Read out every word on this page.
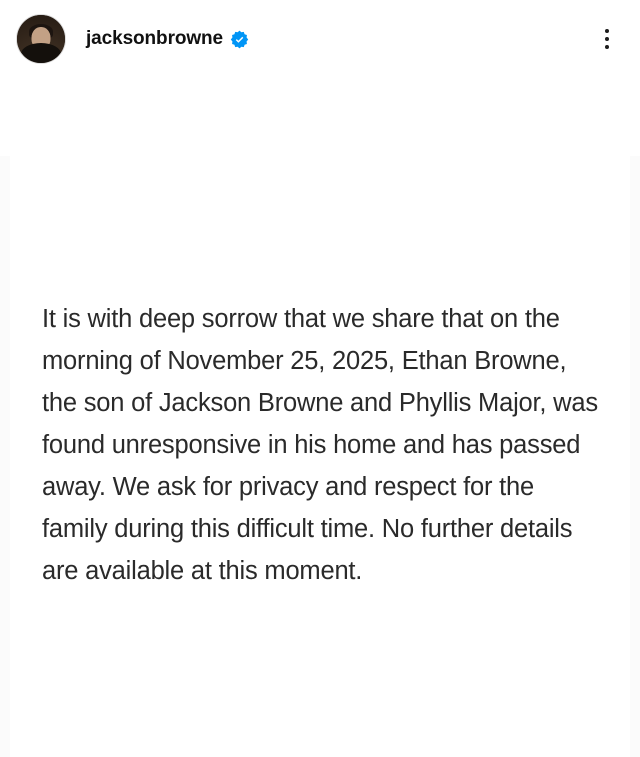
jacksonbrowne
It is with deep sorrow that we share that on the morning of November 25, 2025, Ethan Browne, the son of Jackson Browne and Phyllis Major, was found unresponsive in his home and has passed away. We ask for privacy and respect for the family during this difficult time. No further details are available at this moment.
